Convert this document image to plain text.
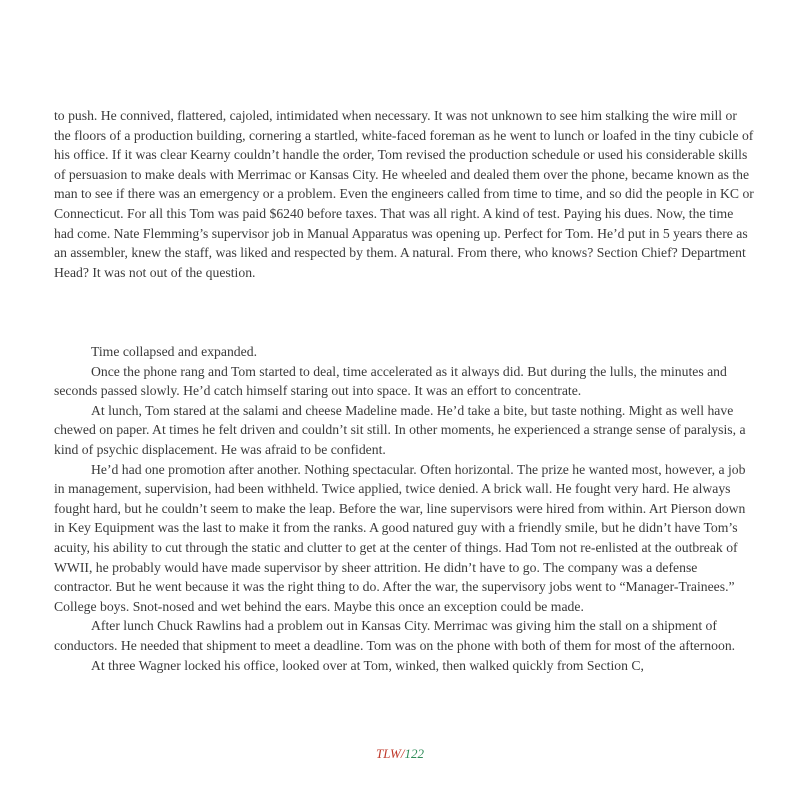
to push. He connived, flattered, cajoled, intimidated when necessary. It was not unknown to see him stalking the wire mill or the floors of a production building, cornering a startled, white-faced foreman as he went to lunch or loafed in the tiny cubicle of his office. If it was clear Kearny couldn’t handle the order, Tom revised the production schedule or used his considerable skills of persuasion to make deals with Merrimac or Kansas City. He wheeled and dealed them over the phone, became known as the man to see if there was an emergency or a problem. Even the engineers called from time to time, and so did the people in KC or Connecticut. For all this Tom was paid $6240 before taxes. That was all right. A kind of test. Paying his dues. Now, the time had come. Nate Flemming’s supervisor job in Manual Apparatus was opening up. Perfect for Tom. He’d put in 5 years there as an assembler, knew the staff, was liked and respected by them. A natural. From there, who knows? Section Chief? Department Head? It was not out of the question.

Time collapsed and expanded.

Once the phone rang and Tom started to deal, time accelerated as it always did. But during the lulls, the minutes and seconds passed slowly. He’d catch himself staring out into space. It was an effort to concentrate.

At lunch, Tom stared at the salami and cheese Madeline made. He’d take a bite, but taste nothing. Might as well have chewed on paper. At times he felt driven and couldn’t sit still. In other moments, he experienced a strange sense of paralysis, a kind of psychic displacement. He was afraid to be confident.

He’d had one promotion after another. Nothing spectacular. Often horizontal. The prize he wanted most, however, a job in management, supervision, had been withheld. Twice applied, twice denied. A brick wall. He fought very hard. He always fought hard, but he couldn’t seem to make the leap. Before the war, line supervisors were hired from within. Art Pierson down in Key Equipment was the last to make it from the ranks. A good natured guy with a friendly smile, but he didn’t have Tom’s acuity, his ability to cut through the static and clutter to get at the center of things. Had Tom not re-enlisted at the outbreak of WWII, he probably would have made supervisor by sheer attrition. He didn’t have to go. The company was a defense contractor. But he went because it was the right thing to do. After the war, the supervisory jobs went to “Manager-Trainees.” College boys. Snot-nosed and wet behind the ears. Maybe this once an exception could be made.

After lunch Chuck Rawlins had a problem out in Kansas City. Merrimac was giving him the stall on a shipment of conductors. He needed that shipment to meet a deadline. Tom was on the phone with both of them for most of the afternoon.

At three Wagner locked his office, looked over at Tom, winked, then walked quickly from Section C,

TLW/122
